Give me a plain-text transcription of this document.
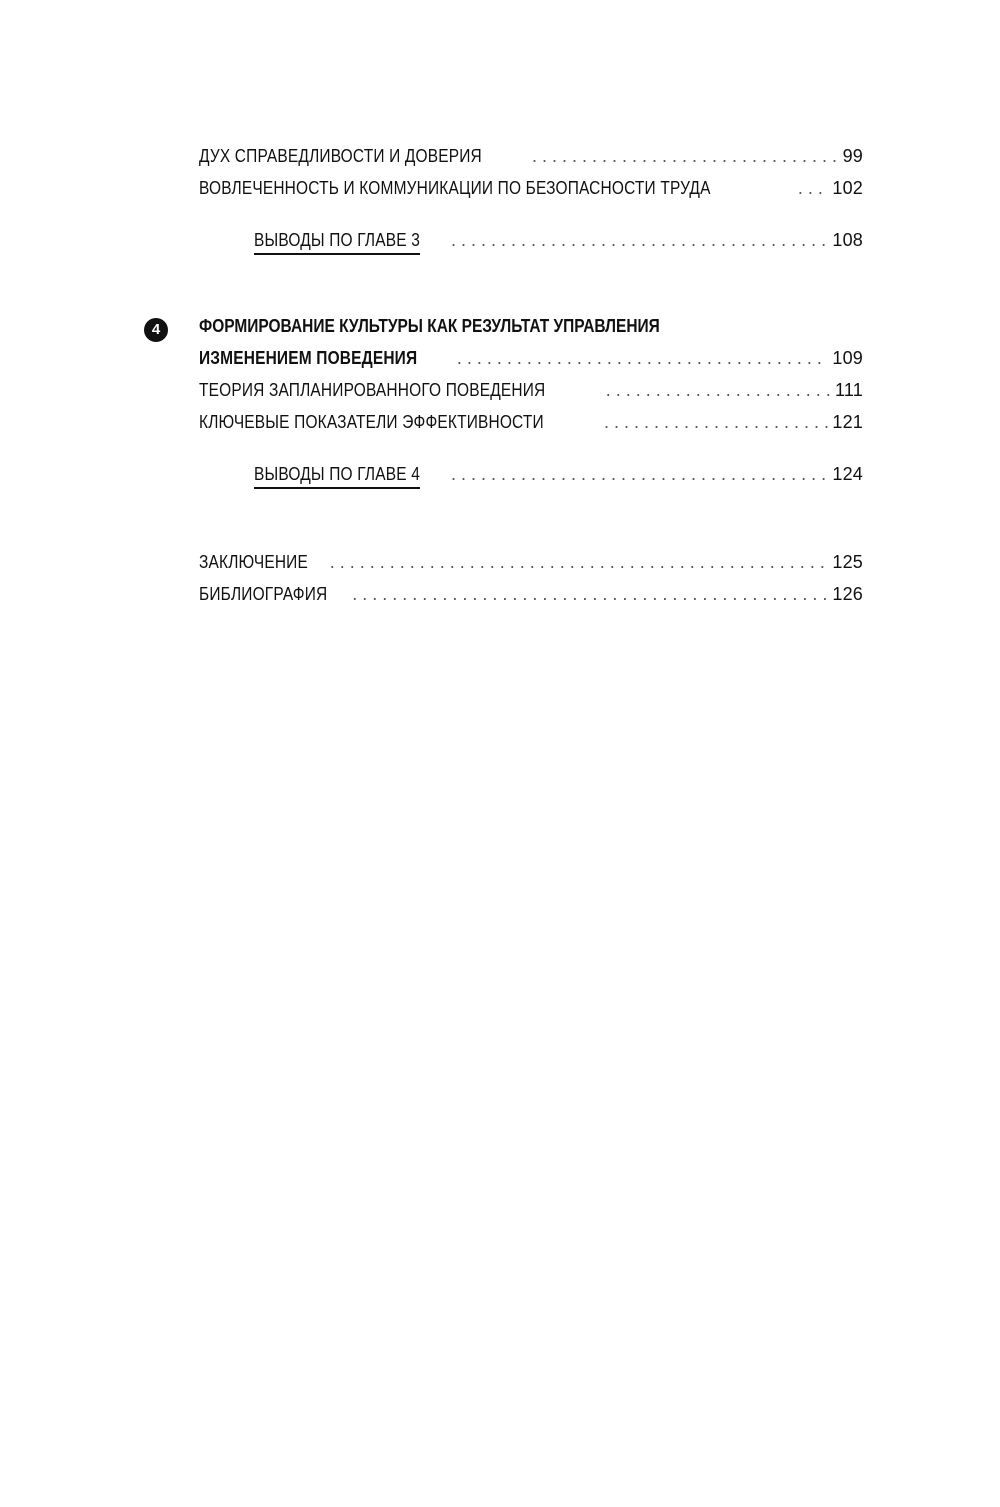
ДУХ СПРАВЕДЛИВОСТИ И ДОВЕРИЯ . . .	99
ВОВЛЕЧЕННОСТЬ И КОММУНИКАЦИИ ПО БЕЗОПАСНОСТИ ТРУДА . . .	102
ВЫВОДЫ ПО ГЛАВЕ 3 . . .	108
4	ФОРМИРОВАНИЕ КУЛЬТУРЫ КАК РЕЗУЛЬТАТ УПРАВЛЕНИЯ
ИЗМЕНЕНИЕМ ПОВЕДЕНИЯ . . .	109
ТЕОРИЯ ЗАПЛАНИРОВАННОГО ПОВЕДЕНИЯ . . .	111
КЛЮЧЕВЫЕ ПОКАЗАТЕЛИ ЭФФЕКТИВНОСТИ . . .	121
ВЫВОДЫ ПО ГЛАВЕ 4 . . .	124
ЗАКЛЮЧЕНИЕ . . .	125
БИБЛИОГРАФИЯ . . .	126
